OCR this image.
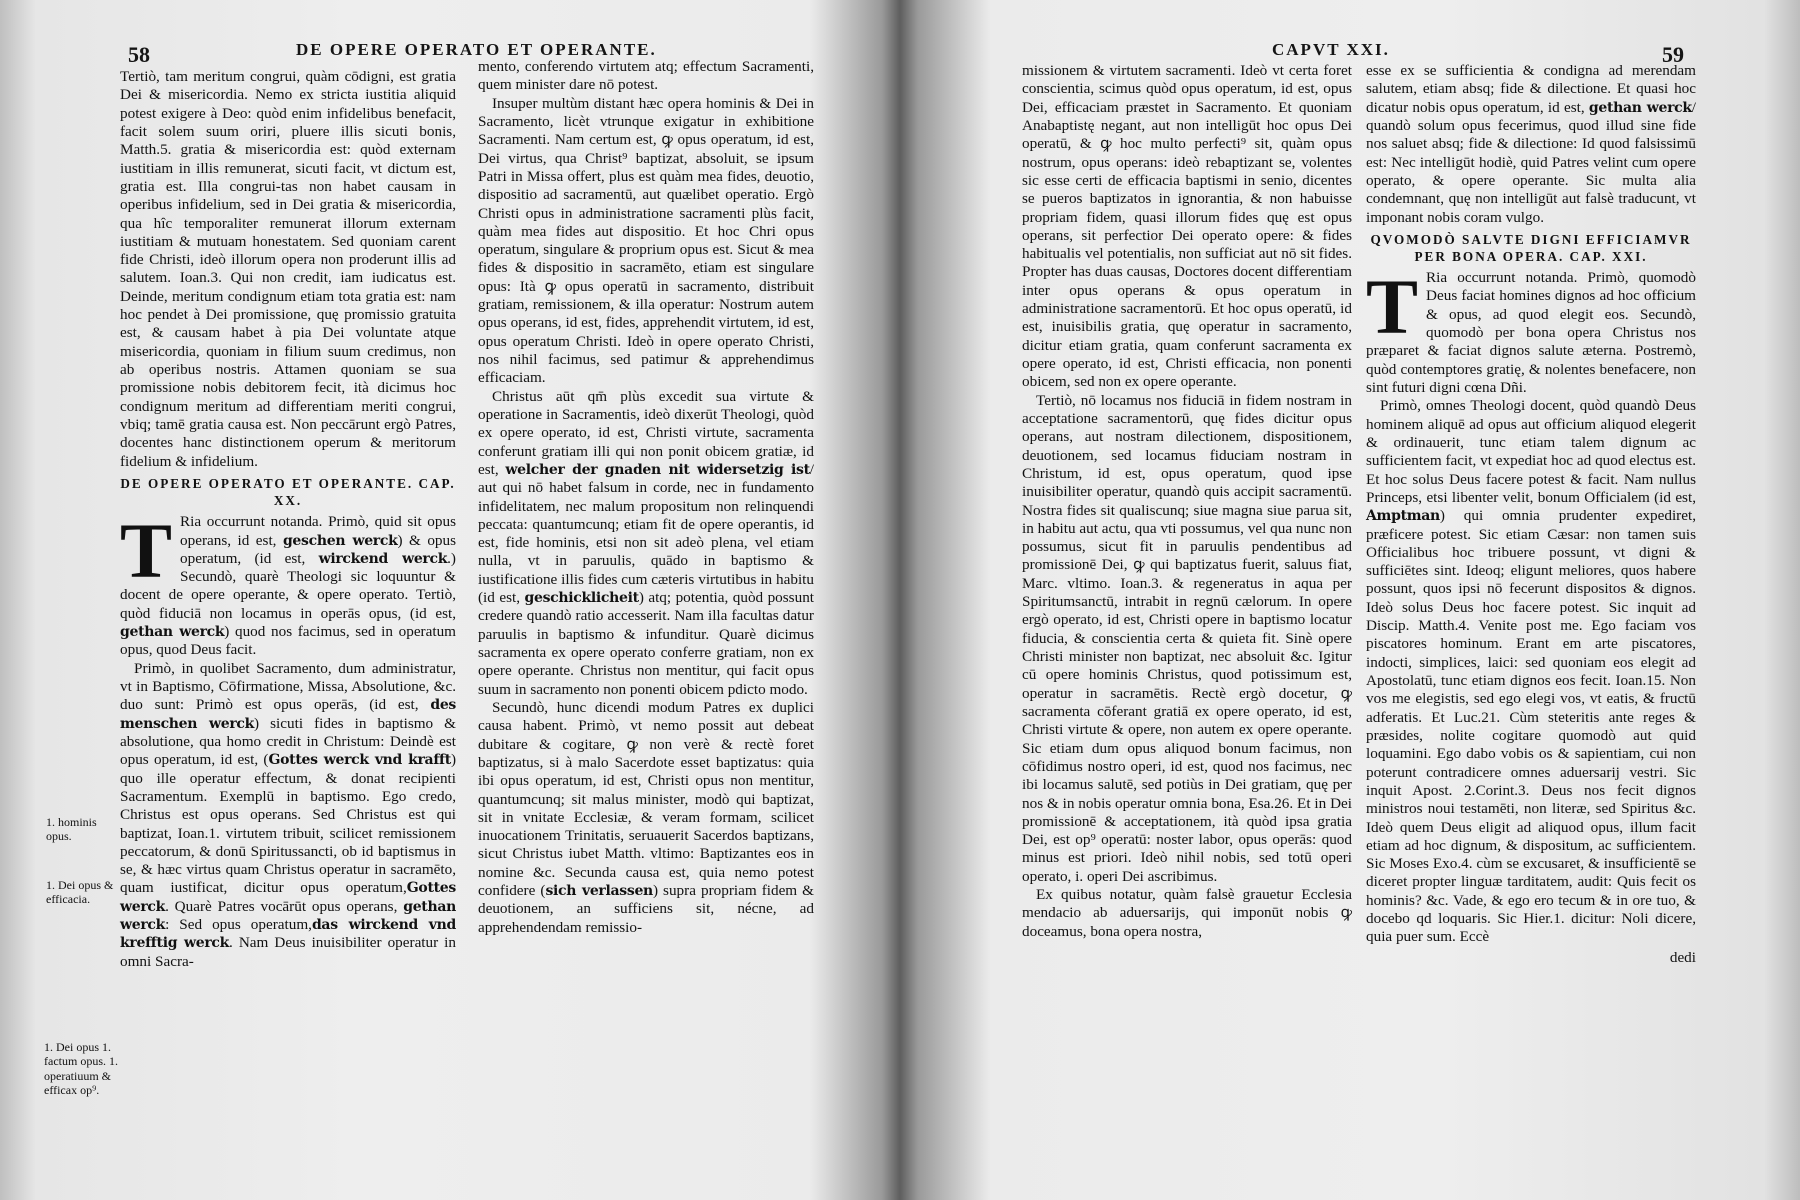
58	DE OPERE OPERATO ET OPERANTE.

Tertiò, tam meritum congrui, quàm cōdigni, est gratia Dei & misericordia. Nemo ex stricta iustitia aliquid potest exigere à Deo: quòd enim infidelibus benefacit, facit solem suum oriri, pluere illis sicuti bonis, Matth.5. gratia & misericordia est: quòd externam iustitiam in illis remunerat, sicuti facit, vt dictum est, gratia est. Illa congrui-tas non habet causam in operibus infidelium, sed in Dei gratia & misericordia, qua hîc temporaliter remunerat illorum externam iustitiam & mutuam honestatem. Sed quoniam carent fide Christi, ideò illorum opera non proderunt illis ad salutem. Ioan.3. Qui non credit, iam iudicatus est. Deinde, meritum condignum etiam tota gratia est: nam hoc pendet à Dei promissione, quę promissio gratuita est, & causam habet à pia Dei voluntate atque misericordia, quoniam in filium suum credimus, non ab operibus nostris. Attamen quoniam se sua promissione nobis debitorem fecit, ità dicimus hoc condignum meritum ad differentiam meriti congrui, vbiq; tamē gratia causa est. Non peccārunt ergò Patres, docentes hanc distinctionem operum & meritorum fidelium & infidelium.

DE OPERE OPERATO ET OPERANTE. CAP. XX.

T Ria occurrunt notanda. Primò, quid sit opus operans, id est, geschen werck) & opus operatum, (id est, wirckend werck.) Secundò, quarè Theologi sic loquuntur & docent de opere operante, & opere operato. Tertiò, quòd fiduciā non locamus in operās opus, (id est, gethan werck) quod nos facimus, sed in operatum opus, quod Deus facit.

Primò, in quolibet Sacramento, dum administratur, vt in Baptismo, Cōfirmatione, Missa, Absolutione, &c. duo sunt: Primò est opus operās, (id est, des menschen werck) sicuti fides in baptismo & absolutione, qua homo credit in Christum: Deindè est opus operatum, id est, (Gottes werck vnd krafft) quo ille operatur effectum, & donat recipienti Sacramentum. Exemplū in baptismo. Ego credo, Christus est opus operans. Sed Christus est qui baptizat, Ioan.1. virtutem tribuit, scilicet remissionem peccatorum, & donū Spiritussancti, ob id baptismus in se, & hæc virtus quam Christus operatur in sacramēto, quam iustificat, dicitur opus operatum,Gottes werck. Quarè Patres vocārūt opus operans, gethan werck: Sed opus operatum,das wirckend vnd krefftig werck. Nam Deus inuisibiliter operatur in omni Sacra-

1. hominis opus.
1. Dei opus & efficacia.
1. Dei opus 1. factum opus. 1. operatiuum & efficax op⁹.

mento, conferendo virtutem atq; effectum Sacramenti, quem minister dare nō potest.

Insuper multùm distant hæc opera hominis & Dei in Sacramento, licèt vtrunque exigatur in exhibitione Sacramenti. Nam certum est, ꝙ opus operatum, id est, Dei virtus, qua Christ⁹ baptizat, absoluit, se ipsum Patri in Missa offert, plus est quàm mea fides, deuotio, dispositio ad sacramentū, aut quælibet operatio. Ergò Christi opus in administratione sacramenti plùs facit, quàm mea fides aut dispositio. Et hoc Chri opus operatum, singulare & proprium opus est. Sicut & mea fides & dispositio in sacramēto, etiam est singulare opus: Ità ꝙ opus operatū in sacramento, distribuit gratiam, remissionem, & illa operatur: Nostrum autem opus operans, id est, fides, apprehendit virtutem, id est, opus operatum Christi. Ideò in opere operato Christi, nos nihil facimus, sed patimur & apprehendimus efficaciam.

Christus aūt qm̄ plùs excedit sua virtute & operatione in Sacramentis, ideò dixerūt Theologi, quòd ex opere operato, id est, Christi virtute, sacramenta conferunt gratiam illi qui non ponit obicem gratiæ, id est, welcher der gnaden nit widersetzig ist/ aut qui nō habet falsum in corde, nec in fundamento infidelitatem, nec malum propositum non relinquendi peccata: quantumcunq; etiam fit de opere operantis, id est, fide hominis, etsi non sit adeò plena, vel etiam nulla, vt in paruulis, quādo in baptismo & iustificatione illis fides cum cæteris virtutibus in habitu (id est, geschicklicheit) atq; potentia, quòd possunt credere quandò ratio accesserit. Nam illa facultas datur paruulis in baptismo & infunditur. Quarè dicimus sacramenta ex opere operato conferre gratiam, non ex opere operante. Christus non mentitur, qui facit opus suum in sacramento non ponenti obicem pdicto modo.

Secundò, hunc dicendi modum Patres ex duplici causa habent. Primò, vt nemo possit aut debeat dubitare & cogitare, ꝙ non verè & rectè foret baptizatus, si à malo Sacerdote esset baptizatus: quia ibi opus operatum, id est, Christi opus non mentitur, quantumcunq; sit malus minister, modò qui baptizat, sit in vnitate Ecclesiæ, & veram formam, scilicet inuocationem Trinitatis, seruauerit Sacerdos baptizans, sicut Christus iubet Matth. vltimo: Baptizantes eos in nomine &c. Secunda causa est, quia nemo potest confidere (sich verlassen) supra propriam fidem & deuotionem, an sufficiens sit, nécne, ad apprehendendam remissio-

CAPVT XXI.	59

missionem & virtutem sacramenti. Ideò vt certa foret conscientia, scimus quòd opus operatum, id est, opus Dei, efficaciam præstet in Sacramento. Et quoniam Anabaptistę negant, aut non intelligūt hoc opus Dei operatū, & ꝙ hoc multo perfecti⁹ sit, quàm opus nostrum, opus operans: ideò rebaptizant se, volentes sic esse certi de efficacia baptismi in senio, dicentes se pueros baptizatos in ignorantia, & non habuisse propriam fidem, quasi illorum fides quę est opus operans, sit perfectior Dei operato opere: & fides habitualis vel potentialis, non sufficiat aut nō sit fides. Propter has duas causas, Doctores docent differentiam inter opus operans & opus operatum in administratione sacramentorū. Et hoc opus operatū, id est, inuisibilis gratia, quę operatur in sacramento, dicitur etiam gratia, quam conferunt sacramenta ex opere operato, id est, Christi efficacia, non ponenti obicem, sed non ex opere operante.

Tertiò, nō locamus nos fiduciā in fidem nostram in acceptatione sacramentorū, quę fides dicitur opus operans, aut nostram dilectionem, dispositionem, deuotionem, sed locamus fiduciam nostram in Christum, id est, opus operatum, quod ipse inuisibiliter operatur, quandò quis accipit sacramentū. Nostra fides sit qualiscunq; siue magna siue parua sit, in habitu aut actu, qua vti possumus, vel qua nunc non possumus, sicut fit in paruulis pendentibus ad promissionē Dei, ꝙ qui baptizatus fuerit, saluus fiat, Marc. vltimo. Ioan.3. & regeneratus in aqua per Spiritumsanctū, intrabit in regnū cælorum. In opere ergò operato, id est, Christi opere in baptismo locatur fiducia, & conscientia certa & quieta fit. Sinè opere Christi minister non baptizat, nec absoluit &c. Igitur cū opere hominis Christus, quod potissimum est, operatur in sacramētis. Rectè ergò docetur, ꝙ sacramenta cōferant gratiā ex opere operato, id est, Christi virtute & opere, non autem ex opere operante. Sic etiam dum opus aliquod bonum facimus, non cōfidimus nostro operi, id est, quod nos facimus, nec ibi locamus salutē, sed potiùs in Dei gratiam, quę per nos & in nobis operatur omnia bona, Esa.26. Et in Dei promissionē & acceptationem, ità quòd ipsa gratia Dei, est op⁹ operatū: noster labor, opus operās: quod minus est priori. Ideò nihil nobis, sed totū operi operato, i. operi Dei ascribimus.

Ex quibus notatur, quàm falsè grauetur Ecclesia mendacio ab aduersarijs, qui imponūt nobis ꝙ doceamus, bona opera nostra,

esse ex se sufficientia & condigna ad merendam salutem, etiam absq; fide & dilectione. Et quasi hoc dicatur nobis opus operatum, id est, gethan werck/ quandò solum opus fecerimus, quod illud sine fide nos saluet absq; fide & dilectione: Id quod falsissimū est: Nec intelligūt hodiè, quid Patres velint cum opere operato, & opere operante. Sic multa alia condemnant, quę non intelligūt aut falsè traducunt, vt imponant nobis coram vulgo.

QVOMODÒ SALVTE DIGNI EFFICIAMVR PER BONA OPERA. CAP. XXI.

T Ria occurrunt notanda. Primò, quomodò Deus faciat homines dignos ad hoc officium & opus, ad quod elegit eos. Secundò, quomodò per bona opera Christus nos præparet & faciat dignos salute æterna. Postremò, quòd contemptores gratię, & nolentes benefacere, non sint futuri digni cœna Dñi.

Primò, omnes Theologi docent, quòd quandò Deus hominem aliquē ad opus aut officium aliquod elegerit & ordinauerit, tunc etiam talem dignum ac sufficientem facit, vt expediat hoc ad quod electus est. Et hoc solus Deus facere potest & facit. Nam nullus Princeps, etsi libenter velit, bonum Officialem (id est, Amptman) qui omnia prudenter expediret, præficere potest. Sic etiam Cæsar: non tamen suis Officialibus hoc tribuere possunt, vt digni & sufficiētes sint. Ideoq; eligunt meliores, quos habere possunt, quos ipsi nō fecerunt dispositos & dignos. Ideò solus Deus hoc facere potest. Sic inquit ad Discip. Matth.4. Venite post me. Ego faciam vos piscatores hominum. Erant em arte piscatores, indocti, simplices, laici: sed quoniam eos elegit ad Apostolatū, tunc etiam dignos eos fecit. Ioan.15. Non vos me elegistis, sed ego elegi vos, vt eatis, & fructū adferatis. Et Luc.21. Cùm steteritis ante reges & præsides, nolite cogitare quomodò aut quid loquamini. Ego dabo vobis os & sapientiam, cui non poterunt contradicere omnes aduersarij vestri. Sic inquit Apost. 2.Corint.3. Deus nos fecit dignos ministros noui testamēti, non literæ, sed Spiritus &c. Ideò quem Deus eligit ad aliquod opus, illum facit etiam ad hoc dignum, & dispositum, ac sufficientem. Sic Moses Exo.4. cùm se excusaret, & insufficientē se diceret propter linguæ tarditatem, audit: Quis fecit os hominis? &c. Vade, & ego ero tecum & in ore tuo, & docebo qd loquaris. Sic Hier.1. dicitur: Noli dicere, quia puer sum. Eccè

dedi
